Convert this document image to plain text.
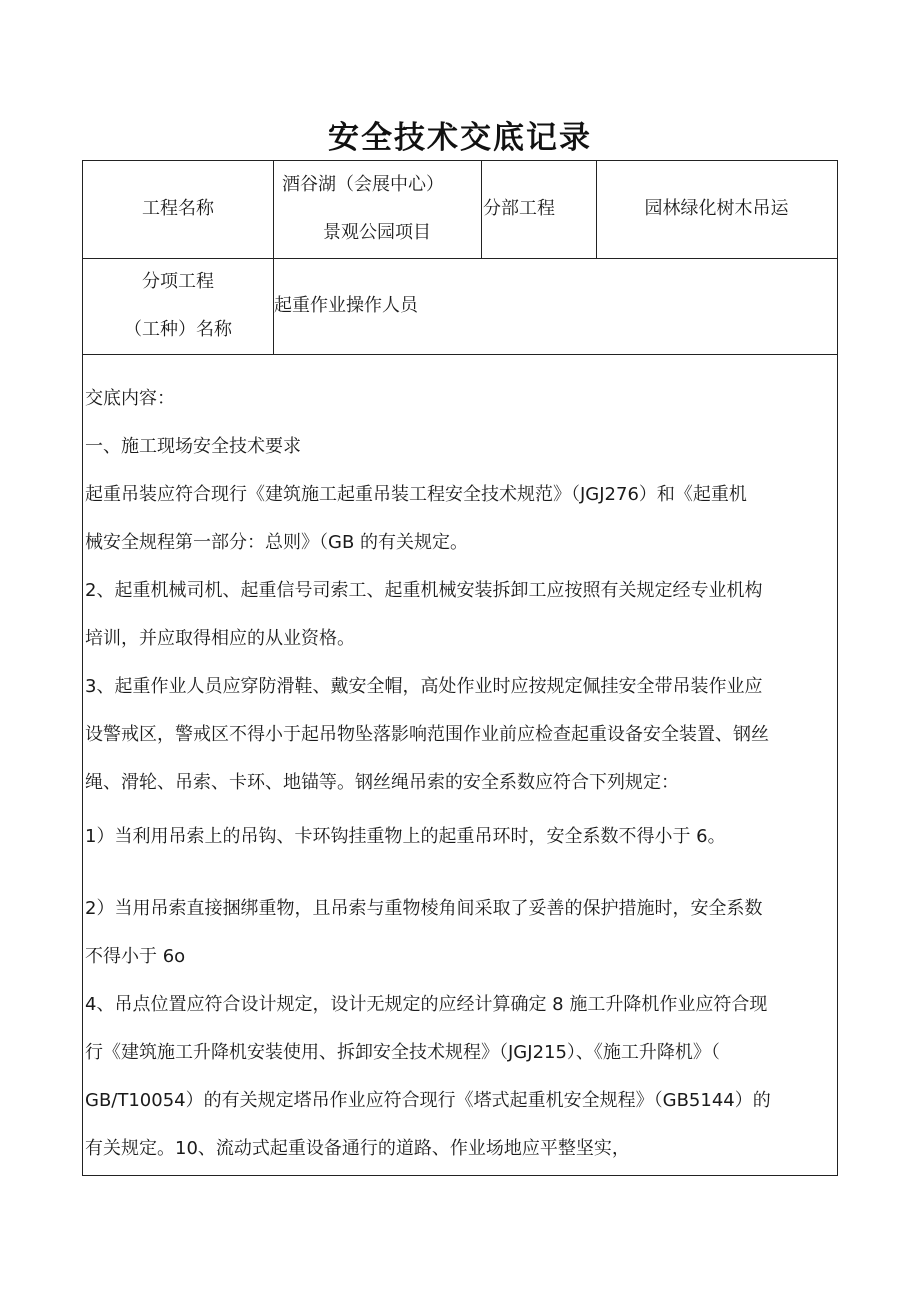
安全技术交底记录
工程名称
酒谷湖（会展中心）
景观公园项目
分部工程	园林绿化树木吊运
分项工程
（工种）名称
起重作业操作人员
交底内容：
一、施工现场安全技术要求
起重吊装应符合现行《建筑施工起重吊装工程安全技术规范》（JGJ276）和《起重机
械安全规程第一部分：总则》（GB 的有关规定。
2、起重机械司机、起重信号司索工、起重机械安装拆卸工应按照有关规定经专业机构
培训，并应取得相应的从业资格。
3、起重作业人员应穿防滑鞋、戴安全帽，高处作业时应按规定佩挂安全带吊装作业应
设警戒区，警戒区不得小于起吊物坠落影响范围作业前应检查起重设备安全装置、钢丝
绳、滑轮、吊索、卡环、地锚等。钢丝绳吊索的安全系数应符合下列规定：
1）当利用吊索上的吊钩、卡环钩挂重物上的起重吊环时，安全系数不得小于 6。
2）当用吊索直接捆绑重物，且吊索与重物棱角间采取了妥善的保护措施时，安全系数
不得小于 6o
4、吊点位置应符合设计规定，设计无规定的应经计算确定 8 施工升降机作业应符合现
行《建筑施工升降机安装使用、拆卸安全技术规程》（JGJ215）、《施工升降机》（
GB/T10054）的有关规定塔吊作业应符合现行《塔式起重机安全规程》（GB5144）的
有关规定。10、流动式起重设备通行的道路、作业场地应平整坚实，
